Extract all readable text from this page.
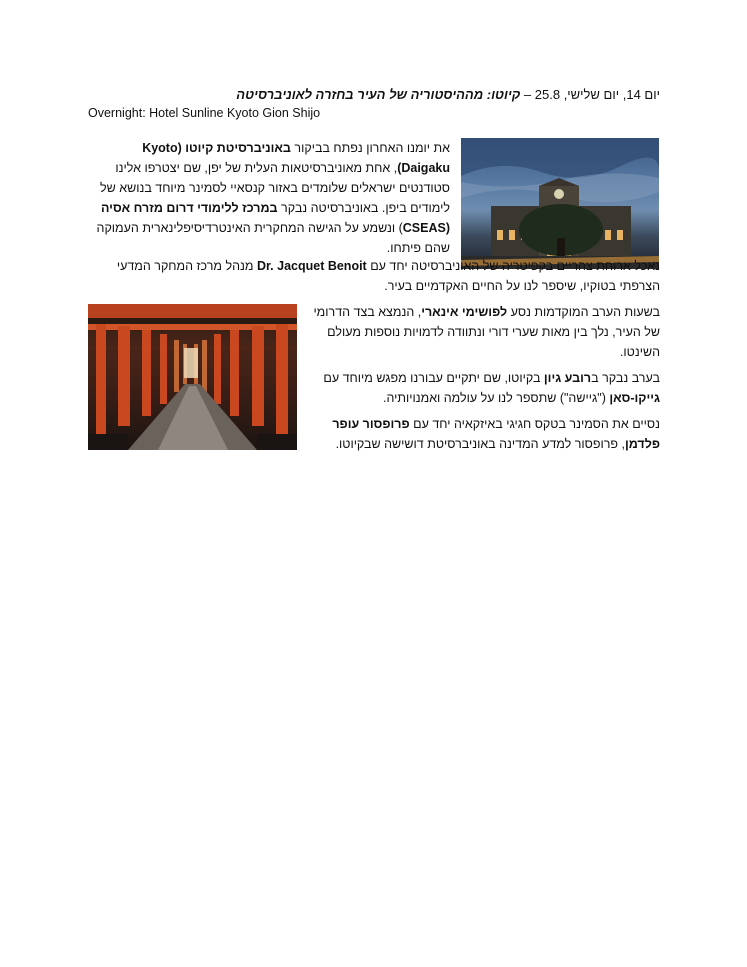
יום 14, יום שלישי, 25.8 – קיוטו: מההיסטוריה של העיר בחזרה לאוניברסיטה
Overnight: Hotel Sunline Kyoto Gion Shijo
את יומנו האחרון נפתח בביקור באוניברסיטת קיוטו (Kyoto Daigaku), אחת מאוניברסיטאות העלית של יפן, שם יצטרפו אלינו סטודנטים ישראלים שלומדים באזור קנסאיי לסמינר מיוחד בנושא של לימודים ביפן. באוניברסיטה נבקר במרכז ללימודי דרום מזרח אסיה (CSEAS) ונשמע על הגישה המחקרית האינטרדיסיפלינארית העמוקה שהם פיתחו.
נאכל ארוחת צהריים בקפיטריה של האוניברסיטה יחד עם Dr. Jacquet Benoit מנהל מרכז המחקר המדעי הצרפתי בטוקיו, שיספר לנו על החיים האקדמיים בעיר.
בשעות הערב המוקדמות נסע לפושימי אינארי, הנמצא בצד הדרומי של העיר, נלך בין מאות שערי דורי ונתוודה לדמויות נוספות מעולם השינטו.
בערב נבקר ברובע גיון בקיוטו, שם יתקיים עבורנו מפגש מיוחד עם גייקו-סאן ("גיישה") שתספר לנו על עולמה ואמנויותיה.
נסיים את הסמינר בטקס חגיגי באיזקאיה יחד עם פרופסור עופר פלדמן, פרופסור למדע המדינה באוניברסיטת דושישה שבקיוטו.
